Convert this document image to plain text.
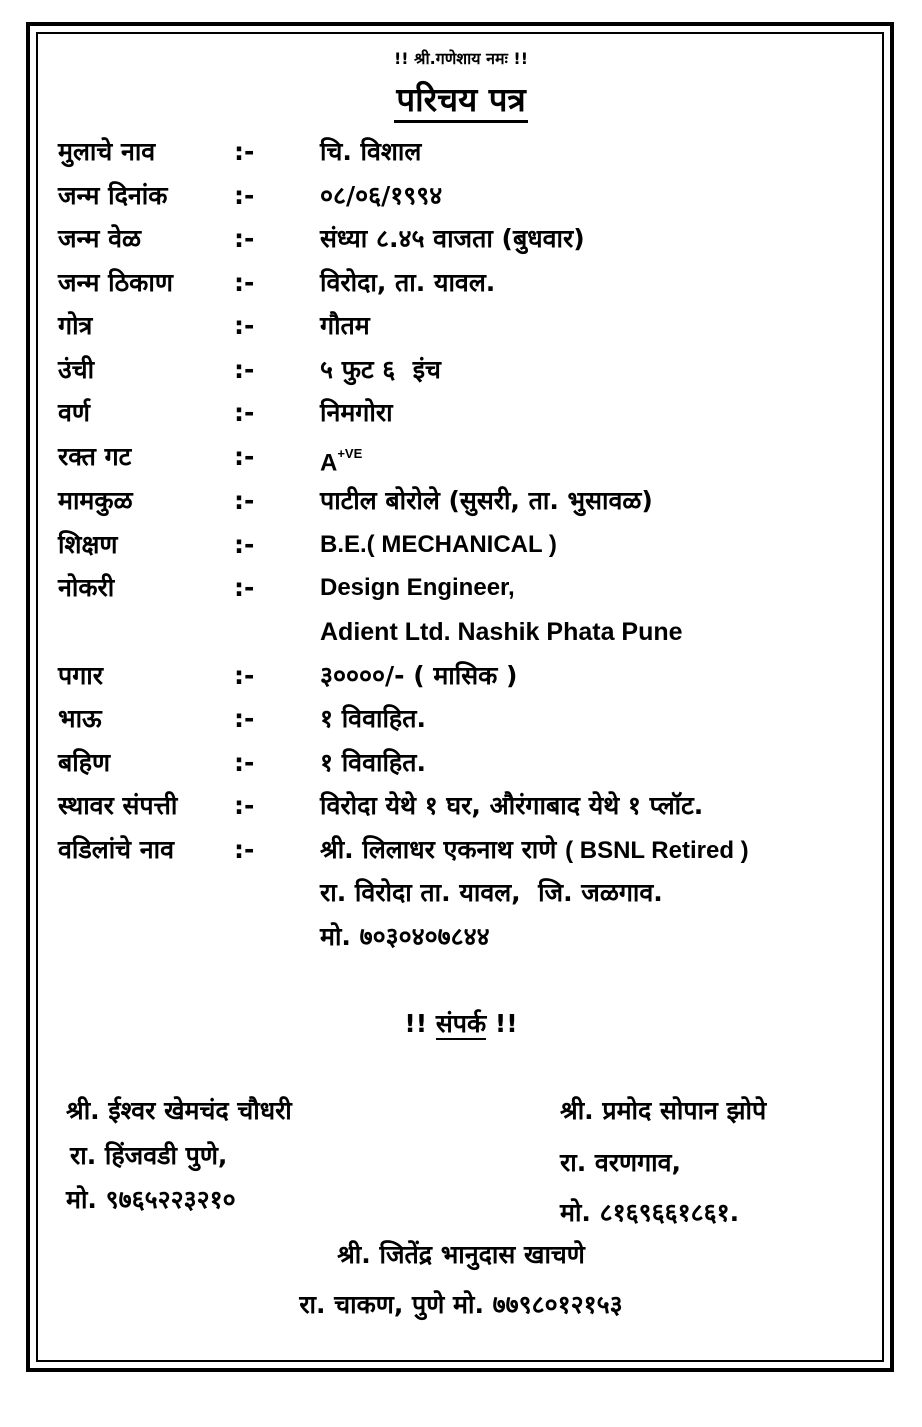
!! श्री.गणेशाय नमः !!
परिचय पत्र
मुलाचे नाव	:-	चि. विशाल
जन्म दिनांक	:-	०८/०६/१९९४
जन्म वेळ	:-	संध्या ८.४५ वाजता (बुधवार)
जन्म ठिकाण :-	विरोदा, ता. यावल.
गोत्र	:-	गौतम
उंची	:-	५ फुट ६  इंच
वर्ण	:-	निमगोरा
रक्त गट	:-	$A^{+VE}$
मामकुळ	:-	पाटील बोरोले (सुसरी, ता. भुसावळ)
शिक्षण	:-	B.E.( MECHANICAL )
नोकरी	:-	Design Engineer,
Adient Ltd. Nashik Phata Pune
पगार	:-	३००००/- ( मासिक )
भाऊ	:-	१ विवाहित.
बहिण	:-	१ विवाहित.
स्थावर संपत्ती :-	विरोदा येथे १ घर, औरंगाबाद येथे १ प्लॉट.
वडिलांचे नाव :-	श्री. लिलाधर एकनाथ राणे ( BSNL Retired )
रा. विरोदा ता. यावल,  जि. जळगाव.
मो. ७०३०४०७८४४
!! संपर्क !!
श्री. ईश्वर खेमचंद चौधरी
रा. हिंजवडी पुणे,
मो. ९७६५२२३२१०
श्री. प्रमोद सोपान झोपे
रा. वरणगाव,
मो. ८१६९६६१८६१.
श्री. जितेंद्र भानुदास खाचणे
रा. चाकण, पुणे मो. ७७९८०१२१५३
